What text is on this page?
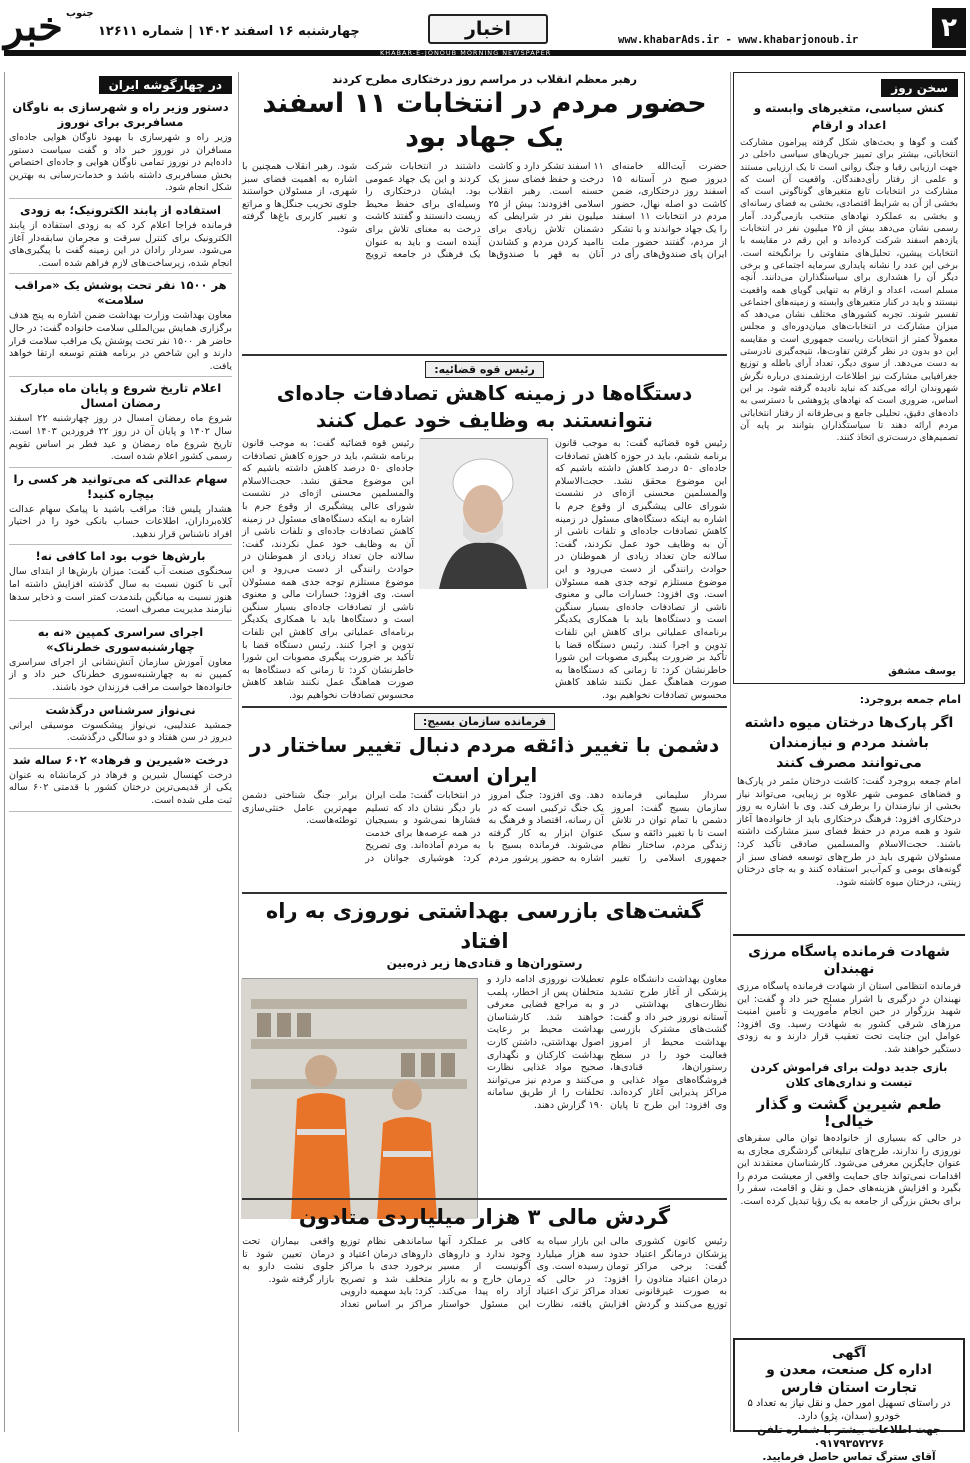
خبر جنوب
چهارشنبه ۱۶ اسفند ۱۴۰۲ | شماره ۱۲۶۱۱	اخبار	www.khabarAds.ir - www.khabarjonoub.ir	۲
KHABAR-E-JONOUB MORNING NEWSPAPER
سخن روز
کنش سیاسی، متغیرهای وابسته و اعداد و ارقام
گفت و گوها و بحث‌های شکل گرفته پیرامون مشارکت انتخاباتی، بیشتر برای تمییز جریان‌های سیاسی داخلی در جهت ارزیابی رقبا و جنگ روانی است تا یک ارزیابی مستند و علمی از رفتار رأی‌دهندگان. واقعیت آن است که مشارکت در انتخابات تابع متغیرهای گوناگونی است که بخشی از آن به شرایط اقتصادی، بخشی به فضای رسانه‌ای و بخشی به عملکرد نهادهای منتخب بازمی‌گردد. آمار رسمی نشان می‌دهد بیش از ۲۵ میلیون نفر در انتخابات یازدهم اسفند شرکت کرده‌اند و این رقم در مقایسه با انتخابات پیشین، تحلیل‌های متفاوتی را برانگیخته است. برخی این عدد را نشانه پایداری سرمایه اجتماعی و برخی دیگر آن را هشداری برای سیاستگذاران می‌دانند. آنچه مسلم است، اعداد و ارقام به تنهایی گویای همه واقعیت نیستند و باید در کنار متغیرهای وابسته و زمینه‌های اجتماعی تفسیر شوند. تجربه کشورهای مختلف نشان می‌دهد که میزان مشارکت در انتخابات‌های میان‌دوره‌ای و مجلس معمولاً کمتر از انتخابات ریاست جمهوری است و مقایسه این دو بدون در نظر گرفتن تفاوت‌ها، نتیجه‌گیری نادرستی به دست می‌دهد. از سوی دیگر، تعداد آرای باطله و توزیع جغرافیایی مشارکت نیز اطلاعات ارزشمندی درباره نگرش شهروندان ارائه می‌کند که نباید نادیده گرفته شود. بر این اساس، ضروری است که نهادهای پژوهشی با دسترسی به داده‌های دقیق، تحلیلی جامع و بی‌طرفانه از رفتار انتخاباتی مردم ارائه دهند تا سیاستگذاران بتوانند بر پایه آن تصمیم‌های درست‌تری اتخاذ کنند.
یوسف مشفق
امام جمعه بروجرد:
اگر پارک‌ها درختان میوه داشته باشند مردم و نیازمندان می‌توانند مصرف کنند
امام جمعه بروجرد گفت: کاشت درختان مثمر در پارک‌ها و فضاهای عمومی شهر علاوه بر زیبایی، می‌تواند نیاز بخشی از نیازمندان را برطرف کند. وی با اشاره به روز درختکاری افزود: فرهنگ درختکاری باید از خانواده‌ها آغاز شود و همه مردم در حفظ فضای سبز مشارکت داشته باشند. حجت‌الاسلام والمسلمین صادقی تأکید کرد: مسئولان شهری باید در طرح‌های توسعه فضای سبز از گونه‌های بومی و کم‌آب‌بر استفاده کنند و به جای درختان زینتی، درختان میوه کاشته شود.
شهادت فرمانده پاسگاه مرزی نهبندان
فرمانده انتظامی استان از شهادت فرمانده پاسگاه مرزی نهبندان در درگیری با اشرار مسلح خبر داد و گفت: این شهید بزرگوار در حین انجام مأموریت و تأمین امنیت مرزهای شرقی کشور به شهادت رسید. وی افزود: عوامل این جنایت تحت تعقیب قرار دارند و به زودی دستگیر خواهند شد.
بازی جدید دولت برای فراموش کردن
تیست و نداری‌های کلان
طعم شیرین گشت و گذار خیالی!
در حالی که بسیاری از خانواده‌ها توان مالی سفرهای نوروزی را ندارند، طرح‌های تبلیغاتی گردشگری مجازی به عنوان جایگزین معرفی می‌شود. کارشناسان معتقدند این اقدامات نمی‌تواند جای حمایت واقعی از معیشت مردم را بگیرد و افزایش هزینه‌های حمل و نقل و اقامت، سفر را برای بخش بزرگی از جامعه به یک رؤیا تبدیل کرده است.
آگهی
اداره کل صنعت، معدن و تجارت استان فارس
در راستای تسهیل امور حمل و نقل نیاز به تعداد ۵ خودرو (سدان، پژو) دارد.
جهت اطلاعات بیشتر با شماره تلفن ۰۹۱۷۹۳۵۷۲۷۶
آقای سترگ تماس حاصل فرمایید.
در چهارگوشه ایران
دستور وزیر راه و شهرسازی به ناوگان مسافربری برای نوروز
وزیر راه و شهرسازی با بهبود ناوگان هوایی جاده‌ای مسافران در نوروز خبر داد و گفت سیاست دستور داده‌ایم در نوروز تمامی ناوگان هوایی و جاده‌ای اختصاص بخش مسافربری داشته باشد و خدمات‌رسانی به بهترین شکل انجام شود.
استفاده از پابند الکترونیک؛ به زودی
فرمانده فراجا اعلام کرد که به زودی استفاده از پابند الکترونیک برای کنترل سرقت و مجرمان سابقه‌دار آغاز می‌شود. سردار رادان در این زمینه گفت با پیگیری‌های انجام شده، زیرساخت‌های لازم فراهم شده است.
هر ۱۵۰۰ نفر تحت پوشش یک «مراقب سلامت»
معاون بهداشت وزارت بهداشت ضمن اشاره به پنج هدف برگزاری همایش بین‌المللی سلامت خانواده گفت: در حال حاضر هر ۱۵۰۰ نفر تحت پوشش یک مراقب سلامت قرار دارند و این شاخص در برنامه هفتم توسعه ارتقا خواهد یافت.
اعلام تاریخ شروع و پایان ماه مبارک رمضان امسال
شروع ماه رمضان امسال در روز چهارشنبه ۲۲ اسفند سال ۱۴۰۲ و پایان آن در روز ۲۲ فروردین ۱۴۰۳ است. تاریخ شروع ماه رمضان و عید فطر بر اساس تقویم رسمی کشور اعلام شده است.
سهام عدالتی که می‌توانید هر کسی را بیچاره کنید!
هشدار پلیس فتا: مراقب باشید با پیامک سهام عدالت کلاه‌برداران، اطلاعات حساب بانکی خود را در اختیار افراد ناشناس قرار ندهید.
بارش‌ها خوب بود اما کافی نه!
سخنگوی صنعت آب گفت: میزان بارش‌ها از ابتدای سال آبی تا کنون نسبت به سال گذشته افزایش داشته اما هنوز نسبت به میانگین بلندمدت کمتر است و ذخایر سدها نیازمند مدیریت مصرف است.
اجرای سراسری کمپین «نه به چهارشنبه‌سوری خطرناک»
معاون آموزش سازمان آتش‌نشانی از اجرای سراسری کمپین نه به چهارشنبه‌سوری خطرناک خبر داد و از خانواده‌ها خواست مراقب فرزندان خود باشند.
نی‌نواز سرشناس درگذشت
جمشید عندلیبی، نی‌نواز پیشکسوت موسیقی ایرانی دیروز در سن هفتاد و دو سالگی درگذشت.
درخت «شیرین و فرهاد» ۶۰۲ ساله شد
درخت کهنسال شیرین و فرهاد در کرمانشاه به عنوان یکی از قدیمی‌ترین درختان کشور با قدمتی ۶۰۲ ساله ثبت ملی شده است.
رهبر معظم انقلاب در مراسم روز درختکاری مطرح کردند
حضور مردم در انتخابات ۱۱ اسفند یک جهاد بود
حضرت آیت‌الله خامنه‌ای دیروز صبح در آستانه ۱۵ اسفند روز درختکاری، ضمن کاشت دو اصله نهال، حضور مردم در انتخابات ۱۱ اسفند را یک جهاد خواندند و با تشکر از مردم، گفتند حضور ملت ایران پای صندوق‌های رأی در ۱۱ اسفند تشکر دارد و کاشت درخت و حفظ فضای سبز یک حسنه است. رهبر انقلاب اسلامی افزودند: بیش از ۲۵ میلیون نفر در شرایطی که دشمنان تلاش زیادی برای ناامید کردن مردم و کشاندن آنان به قهر با صندوق‌ها داشتند در انتخابات شرکت کردند و این یک جهاد عمومی بود. ایشان درختکاری را وسیله‌ای برای حفظ محیط زیست دانستند و گفتند کاشت درخت به معنای تلاش برای آینده است و باید به عنوان یک فرهنگ در جامعه ترویج شود. رهبر انقلاب همچنین با اشاره به اهمیت فضای سبز شهری، از مسئولان خواستند جلوی تخریب جنگل‌ها و مراتع و تغییر کاربری باغ‌ها گرفته شود.
رئیس قوه قضائیه:
دستگاه‌ها در زمینه کاهش تصادفات جاده‌ای نتوانستند به وظایف خود عمل کنند
رئیس قوه قضائیه گفت: به موجب قانون برنامه ششم، باید در حوزه کاهش تصادفات جاده‌ای ۵۰ درصد کاهش داشته باشیم که این موضوع محقق نشد. حجت‌الاسلام والمسلمین محسنی اژه‌ای در نشست شورای عالی پیشگیری از وقوع جرم با اشاره به اینکه دستگاه‌های مسئول در زمینه کاهش تصادفات جاده‌ای و تلفات ناشی از آن به وظایف خود عمل نکردند، گفت: سالانه جان تعداد زیادی از هموطنان در حوادث رانندگی از دست می‌رود و این موضوع مستلزم توجه جدی همه مسئولان است. وی افزود: خسارات مالی و معنوی ناشی از تصادفات جاده‌ای بسیار سنگین است و دستگاه‌ها باید با همکاری یکدیگر برنامه‌ای عملیاتی برای کاهش این تلفات تدوین و اجرا کنند. رئیس دستگاه قضا با تأکید بر ضرورت پیگیری مصوبات این شورا خاطرنشان کرد: تا زمانی که دستگاه‌ها به صورت هماهنگ عمل نکنند شاهد کاهش محسوس تصادفات نخواهیم بود.
رئیس قوه قضائیه گفت: به موجب قانون برنامه ششم، باید در حوزه کاهش تصادفات جاده‌ای ۵۰ درصد کاهش داشته باشیم که این موضوع محقق نشد. حجت‌الاسلام والمسلمین محسنی اژه‌ای در نشست شورای عالی پیشگیری از وقوع جرم با اشاره به اینکه دستگاه‌های مسئول در زمینه کاهش تصادفات جاده‌ای و تلفات ناشی از آن به وظایف خود عمل نکردند، گفت: سالانه جان تعداد زیادی از هموطنان در حوادث رانندگی از دست می‌رود و این موضوع مستلزم توجه جدی همه مسئولان است. وی افزود: خسارات مالی و معنوی ناشی از تصادفات جاده‌ای بسیار سنگین است و دستگاه‌ها باید با همکاری یکدیگر برنامه‌ای عملیاتی برای کاهش این تلفات تدوین و اجرا کنند. رئیس دستگاه قضا با تأکید بر ضرورت پیگیری مصوبات این شورا خاطرنشان کرد: تا زمانی که دستگاه‌ها به صورت هماهنگ عمل نکنند شاهد کاهش محسوس تصادفات نخواهیم بود.
فرمانده سازمان بسیج:
دشمن با تغییر ذائقه مردم دنبال تغییر ساختار در ایران است
سردار سلیمانی فرمانده سازمان بسیج گفت: امروز دشمن با تمام توان در تلاش است تا با تغییر ذائقه و سبک زندگی مردم، ساختار نظام جمهوری اسلامی را تغییر دهد. وی افزود: جنگ امروز یک جنگ ترکیبی است که در آن رسانه، اقتصاد و فرهنگ به عنوان ابزار به کار گرفته می‌شوند. فرمانده بسیج با اشاره به حضور پرشور مردم در انتخابات گفت: ملت ایران بار دیگر نشان داد که تسلیم فشارها نمی‌شود و بسیجیان در همه عرصه‌ها برای خدمت به مردم آماده‌اند. وی تصریح کرد: هوشیاری جوانان در برابر جنگ شناختی دشمن مهم‌ترین عامل خنثی‌سازی توطئه‌هاست.
گشت‌های بازرسی بهداشتی نوروزی به راه افتاد
رستوران‌ها و قنادی‌ها زیر ذره‌بین
معاون بهداشت دانشگاه علوم پزشکی از آغاز طرح تشدید نظارت‌های بهداشتی در آستانه نوروز خبر داد و گفت: گشت‌های مشترک بازرسی بهداشت محیط از امروز فعالیت خود را در سطح رستوران‌ها، قنادی‌ها، فروشگاه‌های مواد غذایی و مراکز پذیرایی آغاز کرده‌اند. وی افزود: این طرح تا پایان تعطیلات نوروزی ادامه دارد و متخلفان پس از اخطار، پلمب و به مراجع قضایی معرفی خواهند شد. کارشناسان بهداشت محیط بر رعایت اصول بهداشتی، داشتن کارت بهداشت کارکنان و نگهداری صحیح مواد غذایی نظارت می‌کنند و مردم نیز می‌توانند تخلفات را از طریق سامانه ۱۹۰ گزارش دهند.
گردش مالی ۳ هزار میلیاردی متادون
رئیس کانون کشوری پزشکان درمانگر اعتیاد گفت: برخی مراکز درمان اعتیاد متادون را به صورت غیرقانونی توزیع می‌کنند و گردش مالی این بازار سیاه به حدود سه هزار میلیارد تومان رسیده است. وی افزود: در حالی که تعداد مراکز ترک اعتیاد افزایش یافته، نظارت کافی بر عملکرد آنها وجود ندارد و داروهای آگونیست از مسیر درمان خارج و به بازار آزاد راه پیدا می‌کند. این مسئول خواستار ساماندهی نظام توزیع داروهای درمان اعتیاد و برخورد جدی با مراکز متخلف شد و تصریح کرد: باید سهمیه دارویی مراکز بر اساس تعداد واقعی بیماران تحت درمان تعیین شود تا جلوی نشت دارو به بازار گرفته شود.
